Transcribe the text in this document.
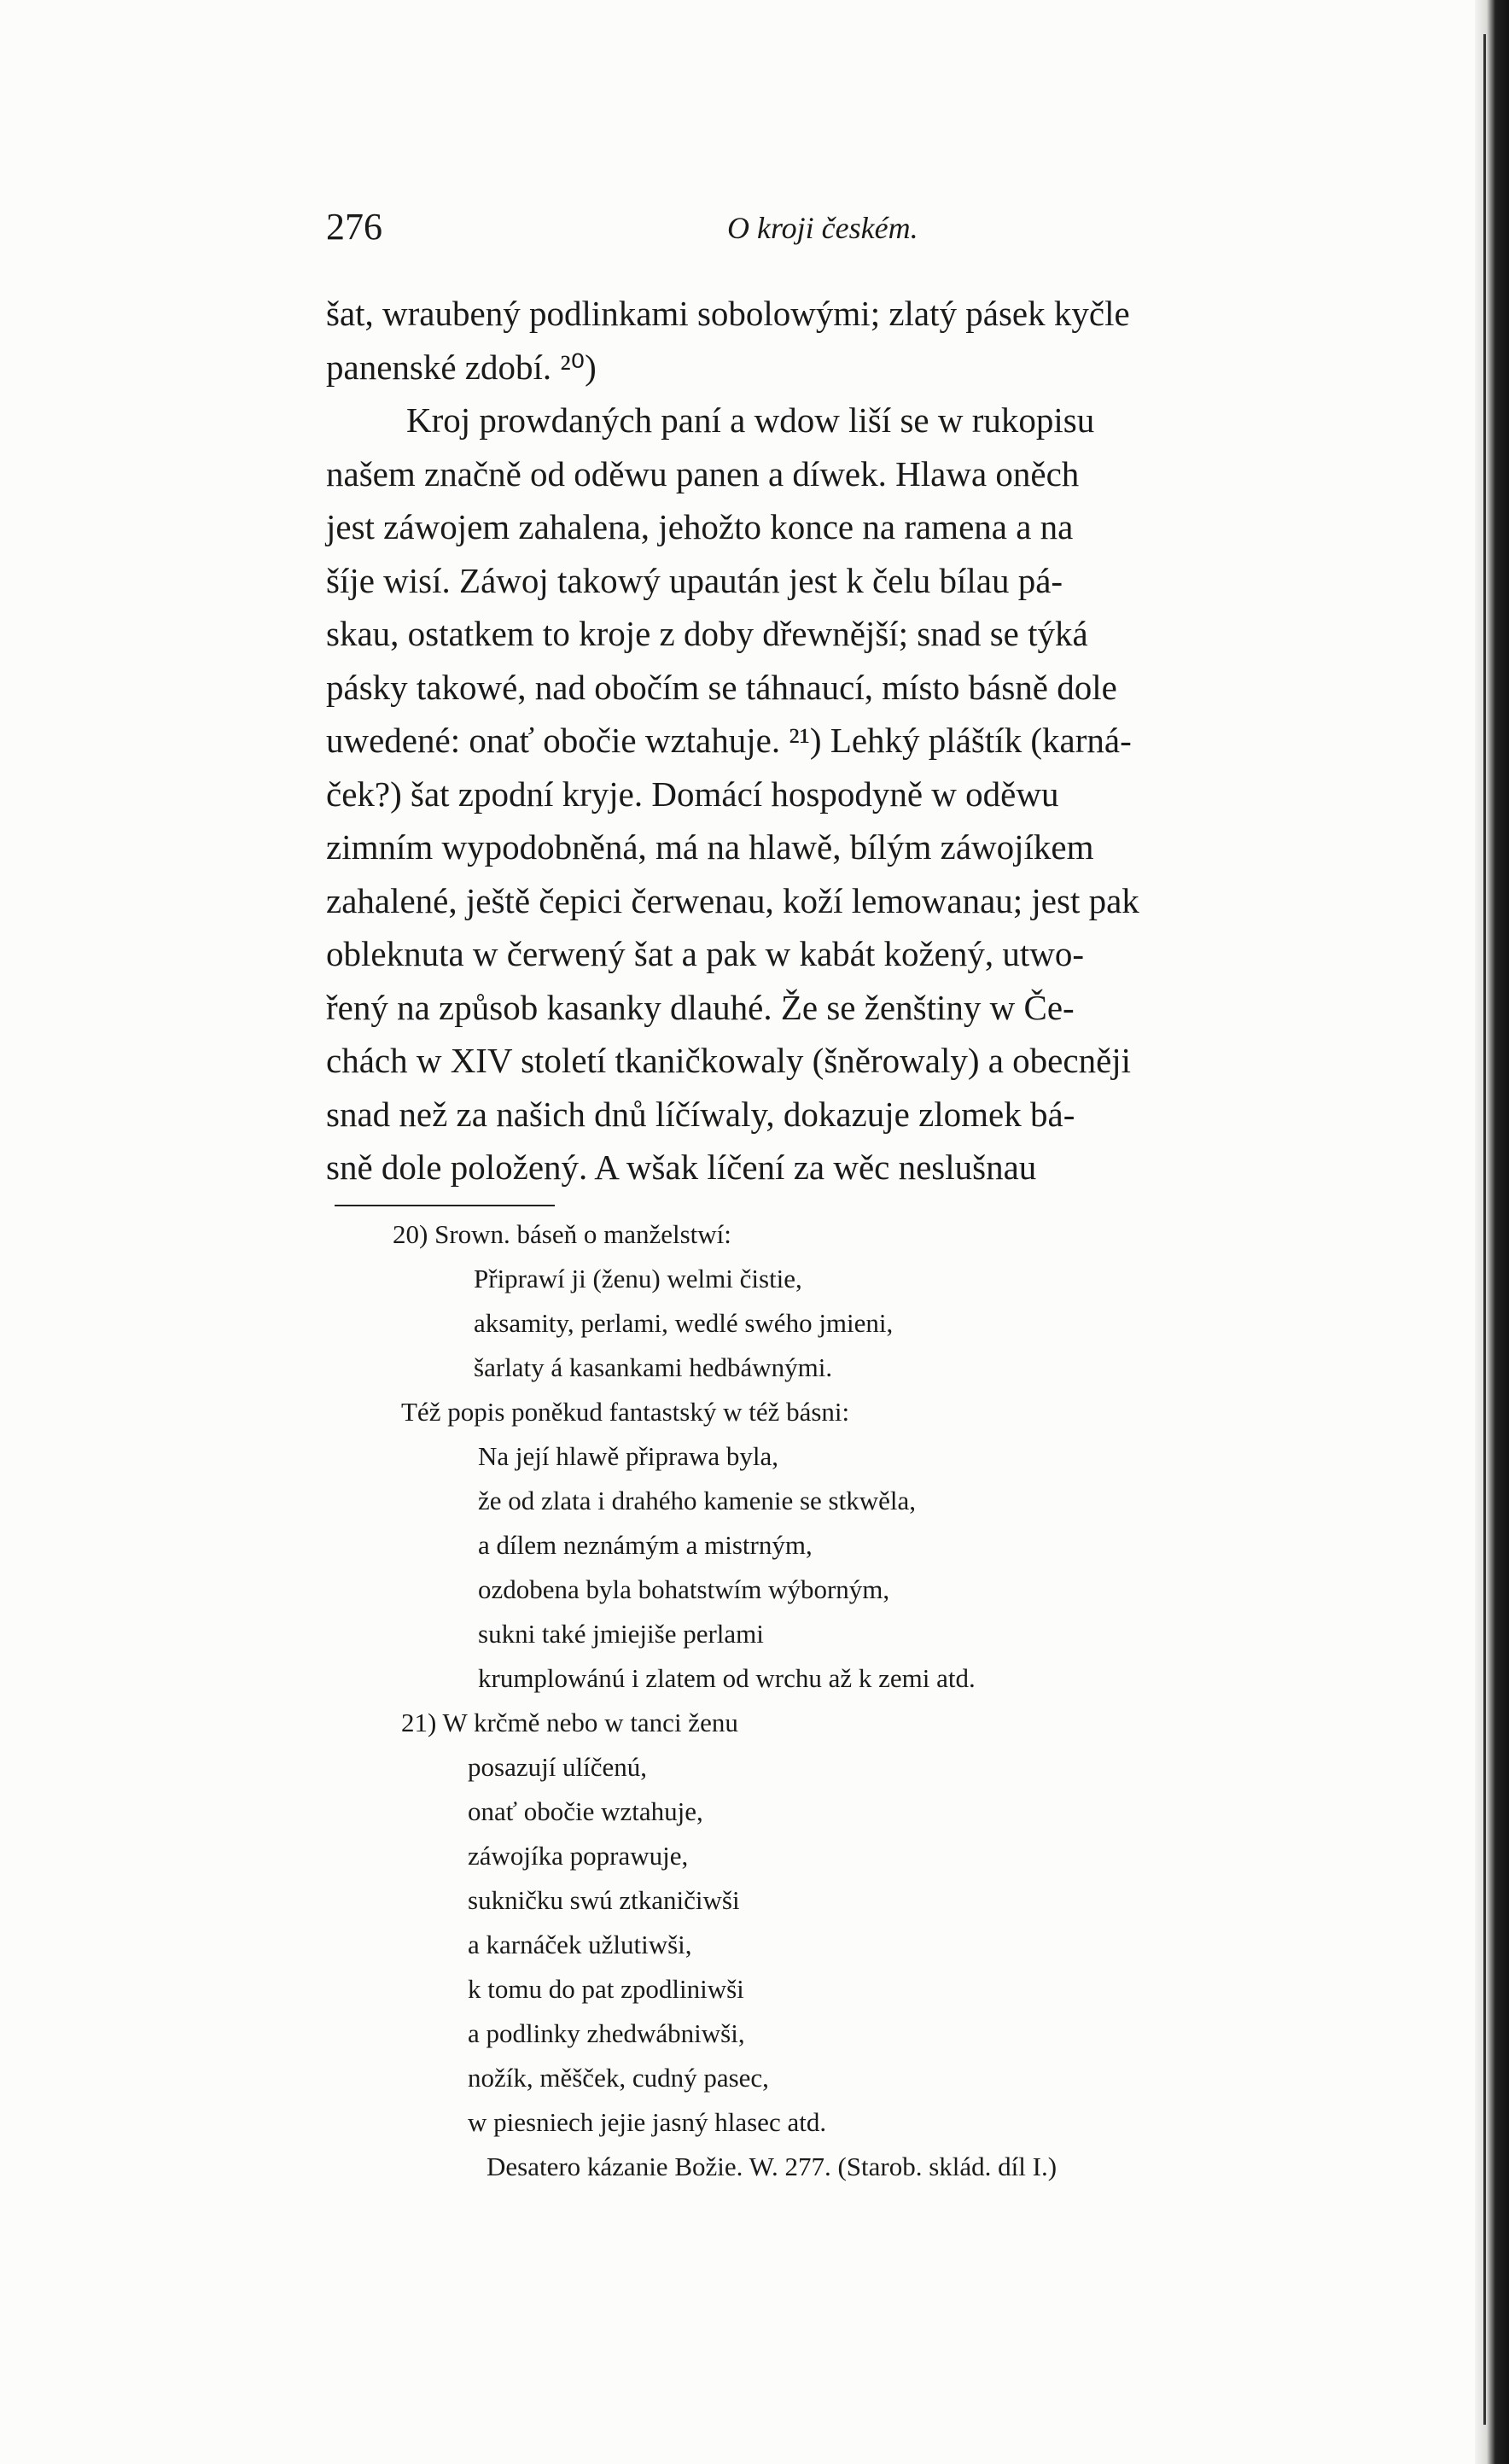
276	O kroji českém.
šat, wraubený podlinkami sobolowými; zlatý pásek kyčle
panenské zdobí. ²⁰)
Kroj prowdaných paní a wdow liší se w rukopisu
našem značně od oděwu panen a díwek. Hlawa oněch
jest záwojem zahalena, jehožto konce na ramena a na
šíje wisí. Záwoj takowý upaután jest k čelu bílau pá-
skau, ostatkem to kroje z doby dřewnější; snad se týká
pásky takowé, nad obočím se táhnaucí, místo básně dole
uwedené: onať obočie wztahuje. ²¹) Lehký pláštík (karná-
ček?) šat zpodní kryje. Domácí hospodyně w oděwu
zimním wypodobněná, má na hlawě, bílým záwojíkem
zahalené, ještě čepici čerwenau, koží lemowanau; jest pak
obleknuta w čerwený šat a pak w kabát kožený, utwo-
řený na způsob kasanky dlauhé. Že se ženštiny w Če-
chách w XIV století tkaničkowaly (šněrowaly) a obecněji
snad než za našich dnů líčíwaly, dokazuje zlomek bá-
sně dole položený. A wšak líčení za wěc neslušnau
20) Srown. báseň o manželstwí:
Připrawí ji (ženu) welmi čistie,
aksamity, perlami, wedlé swého jmieni,
šarlaty á kasankami hedbáwnými.
Též popis poněkud fantastský w též básni:
Na její hlawě připrawa byla,
že od zlata i drahého kamenie se stkwěla,
a dílem neznámým a mistrným,
ozdobena byla bohatstwím wýborným,
sukni také jmiejiše perlami
krumplowánú i zlatem od wrchu až k zemi atd.
21) W krčmě nebo w tanci ženu
posazují ulíčenú,
onať obočie wztahuje,
záwojíka poprawuje,
sukničku swú ztkaničiwši
a karnáček užlutiwši,
k tomu do pat zpodliniwši
a podlinky zhedwábniwši,
nožík, měšček, cudný pasec,
w piesniech jejie jasný hlasec atd.
Desatero kázanie Božie. W. 277. (Starob. sklád. díl I.)
